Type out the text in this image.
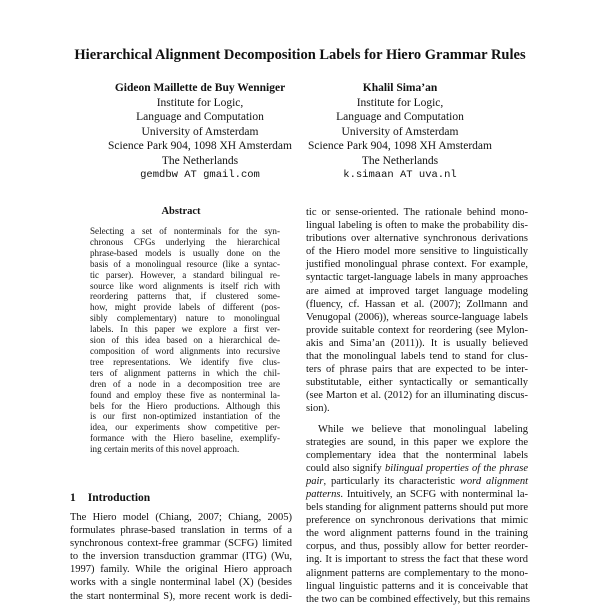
Hierarchical Alignment Decomposition Labels for Hiero Grammar Rules
Gideon Maillette de Buy Wenniger
Institute for Logic,
Language and Computation
University of Amsterdam
Science Park 904, 1098 XH Amsterdam
The Netherlands
gemdbw AT gmail.com
Khalil Sima’an
Institute for Logic,
Language and Computation
University of Amsterdam
Science Park 904, 1098 XH Amsterdam
The Netherlands
k.simaan AT uva.nl
Abstract
Selecting a set of nonterminals for the syn-
chronous CFGs underlying the hierarchical
phrase-based models is usually done on the
basis of a monolingual resource (like a syntac-
tic parser). However, a standard bilingual re-
source like word alignments is itself rich with
reordering patterns that, if clustered some-
how, might provide labels of different (pos-
sibly complementary) nature to monolingual
labels. In this paper we explore a first ver-
sion of this idea based on a hierarchical de-
composition of word alignments into recursive
tree representations. We identify five clus-
ters of alignment patterns in which the chil-
dren of a node in a decomposition tree are
found and employ these five as nonterminal la-
bels for the Hiero productions. Although this
is our first non-optimized instantiation of the
idea, our experiments show competitive per-
formance with the Hiero baseline, exemplify-
ing certain merits of this novel approach.
1 Introduction
The Hiero model (Chiang, 2007; Chiang, 2005)
formulates phrase-based translation in terms of a
synchronous context-free grammar (SCFG) limited
to the inversion transduction grammar (ITG) (Wu,
1997) family. While the original Hiero approach
works with a single nonterminal label (X) (besides
the start nonterminal S), more recent work is dedi-
tic or sense-oriented. The rationale behind mono-
lingual labeling is often to make the probability dis-
tributions over alternative synchronous derivations
of the Hiero model more sensitive to linguistically
justified monolingual phrase context. For example,
syntactic target-language labels in many approaches
are aimed at improved target language modeling
(fluency, cf. Hassan et al. (2007); Zollmann and
Venugopal (2006)), whereas source-language labels
provide suitable context for reordering (see Mylon-
akis and Sima’an (2011)). It is usually believed
that the monolingual labels tend to stand for clus-
ters of phrase pairs that are expected to be inter-
substitutable, either syntactically or semantically
(see Marton et al. (2012) for an illuminating discus-
sion).
While we believe that monolingual labeling
strategies are sound, in this paper we explore the
complementary idea that the nonterminal labels
could also signify bilingual properties of the phrase
pair, particularly its characteristic word alignment
patterns. Intuitively, an SCFG with nonterminal la-
bels standing for alignment patterns should put more
preference on synchronous derivations that mimic
the word alignment patterns found in the training
corpus, and thus, possibly allow for better reorder-
ing. It is important to stress the fact that these word
alignment patterns are complementary to the mono-
lingual linguistic patterns and it is conceivable that
the two can be combined effectively, but this remains
